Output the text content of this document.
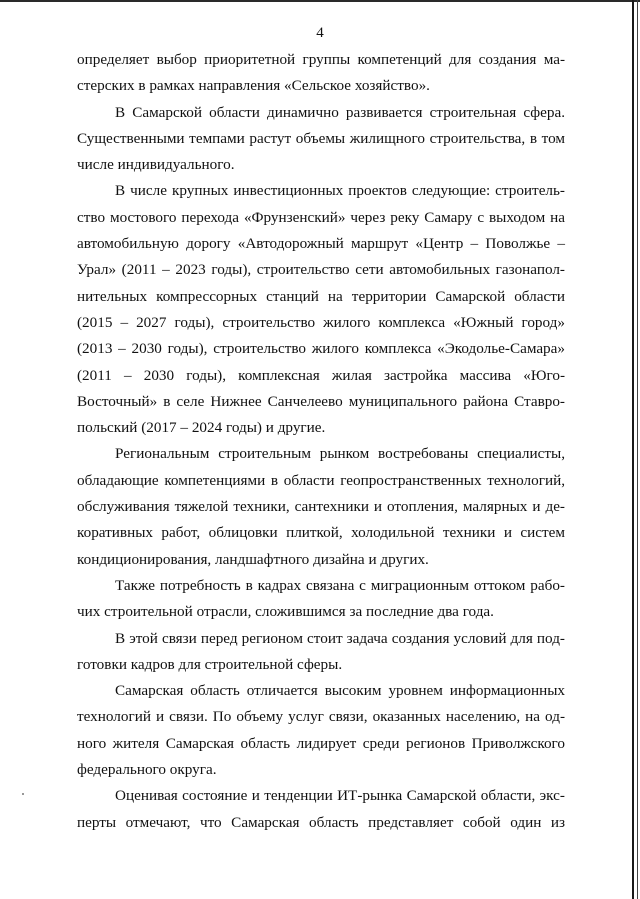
4

определяет выбор приоритетной группы компетенций для создания ма-
стерских в рамках направления «Сельское хозяйство».

В Самарской области динамично развивается строительная сфера.
Существенными темпами растут объемы жилищного строительства, в том
числе индивидуального.

В числе крупных инвестиционных проектов следующие: строитель-
ство мостового перехода «Фрунзенский» через реку Самару с выходом на
автомобильную дорогу «Автодорожный маршрут «Центр – Поволжье –
Урал» (2011 – 2023 годы), строительство сети автомобильных газонапол-
нительных компрессорных станций на территории Самарской области
(2015 – 2027 годы), строительство жилого комплекса «Южный город»
(2013 – 2030 годы), строительство жилого комплекса «Экодолье-Самара»
(2011 – 2030 годы), комплексная жилая застройка массива «Юго-
Восточный» в селе Нижнее Санчелеево муниципального района Ставро-
польский (2017 – 2024 годы) и другие.

Региональным строительным рынком востребованы специалисты,
обладающие компетенциями в области геопространственных технологий,
обслуживания тяжелой техники, сантехники и отопления, малярных и де-
коративных работ, облицовки плиткой, холодильной техники и систем
кондиционирования, ландшафтного дизайна и других.

Также потребность в кадрах связана с миграционным оттоком рабо-
чих строительной отрасли, сложившимся за последние два года.

В этой связи перед регионом стоит задача создания условий для под-
готовки кадров для строительной сферы.

Самарская область отличается высоким уровнем информационных
технологий и связи. По объему услуг связи, оказанных населению, на од-
ного жителя Самарская область лидирует среди регионов Приволжского
федерального округа.

Оценивая состояние и тенденции ИТ-рынка Самарской области, экс-
перты отмечают, что Самарская область представляет собой один из
